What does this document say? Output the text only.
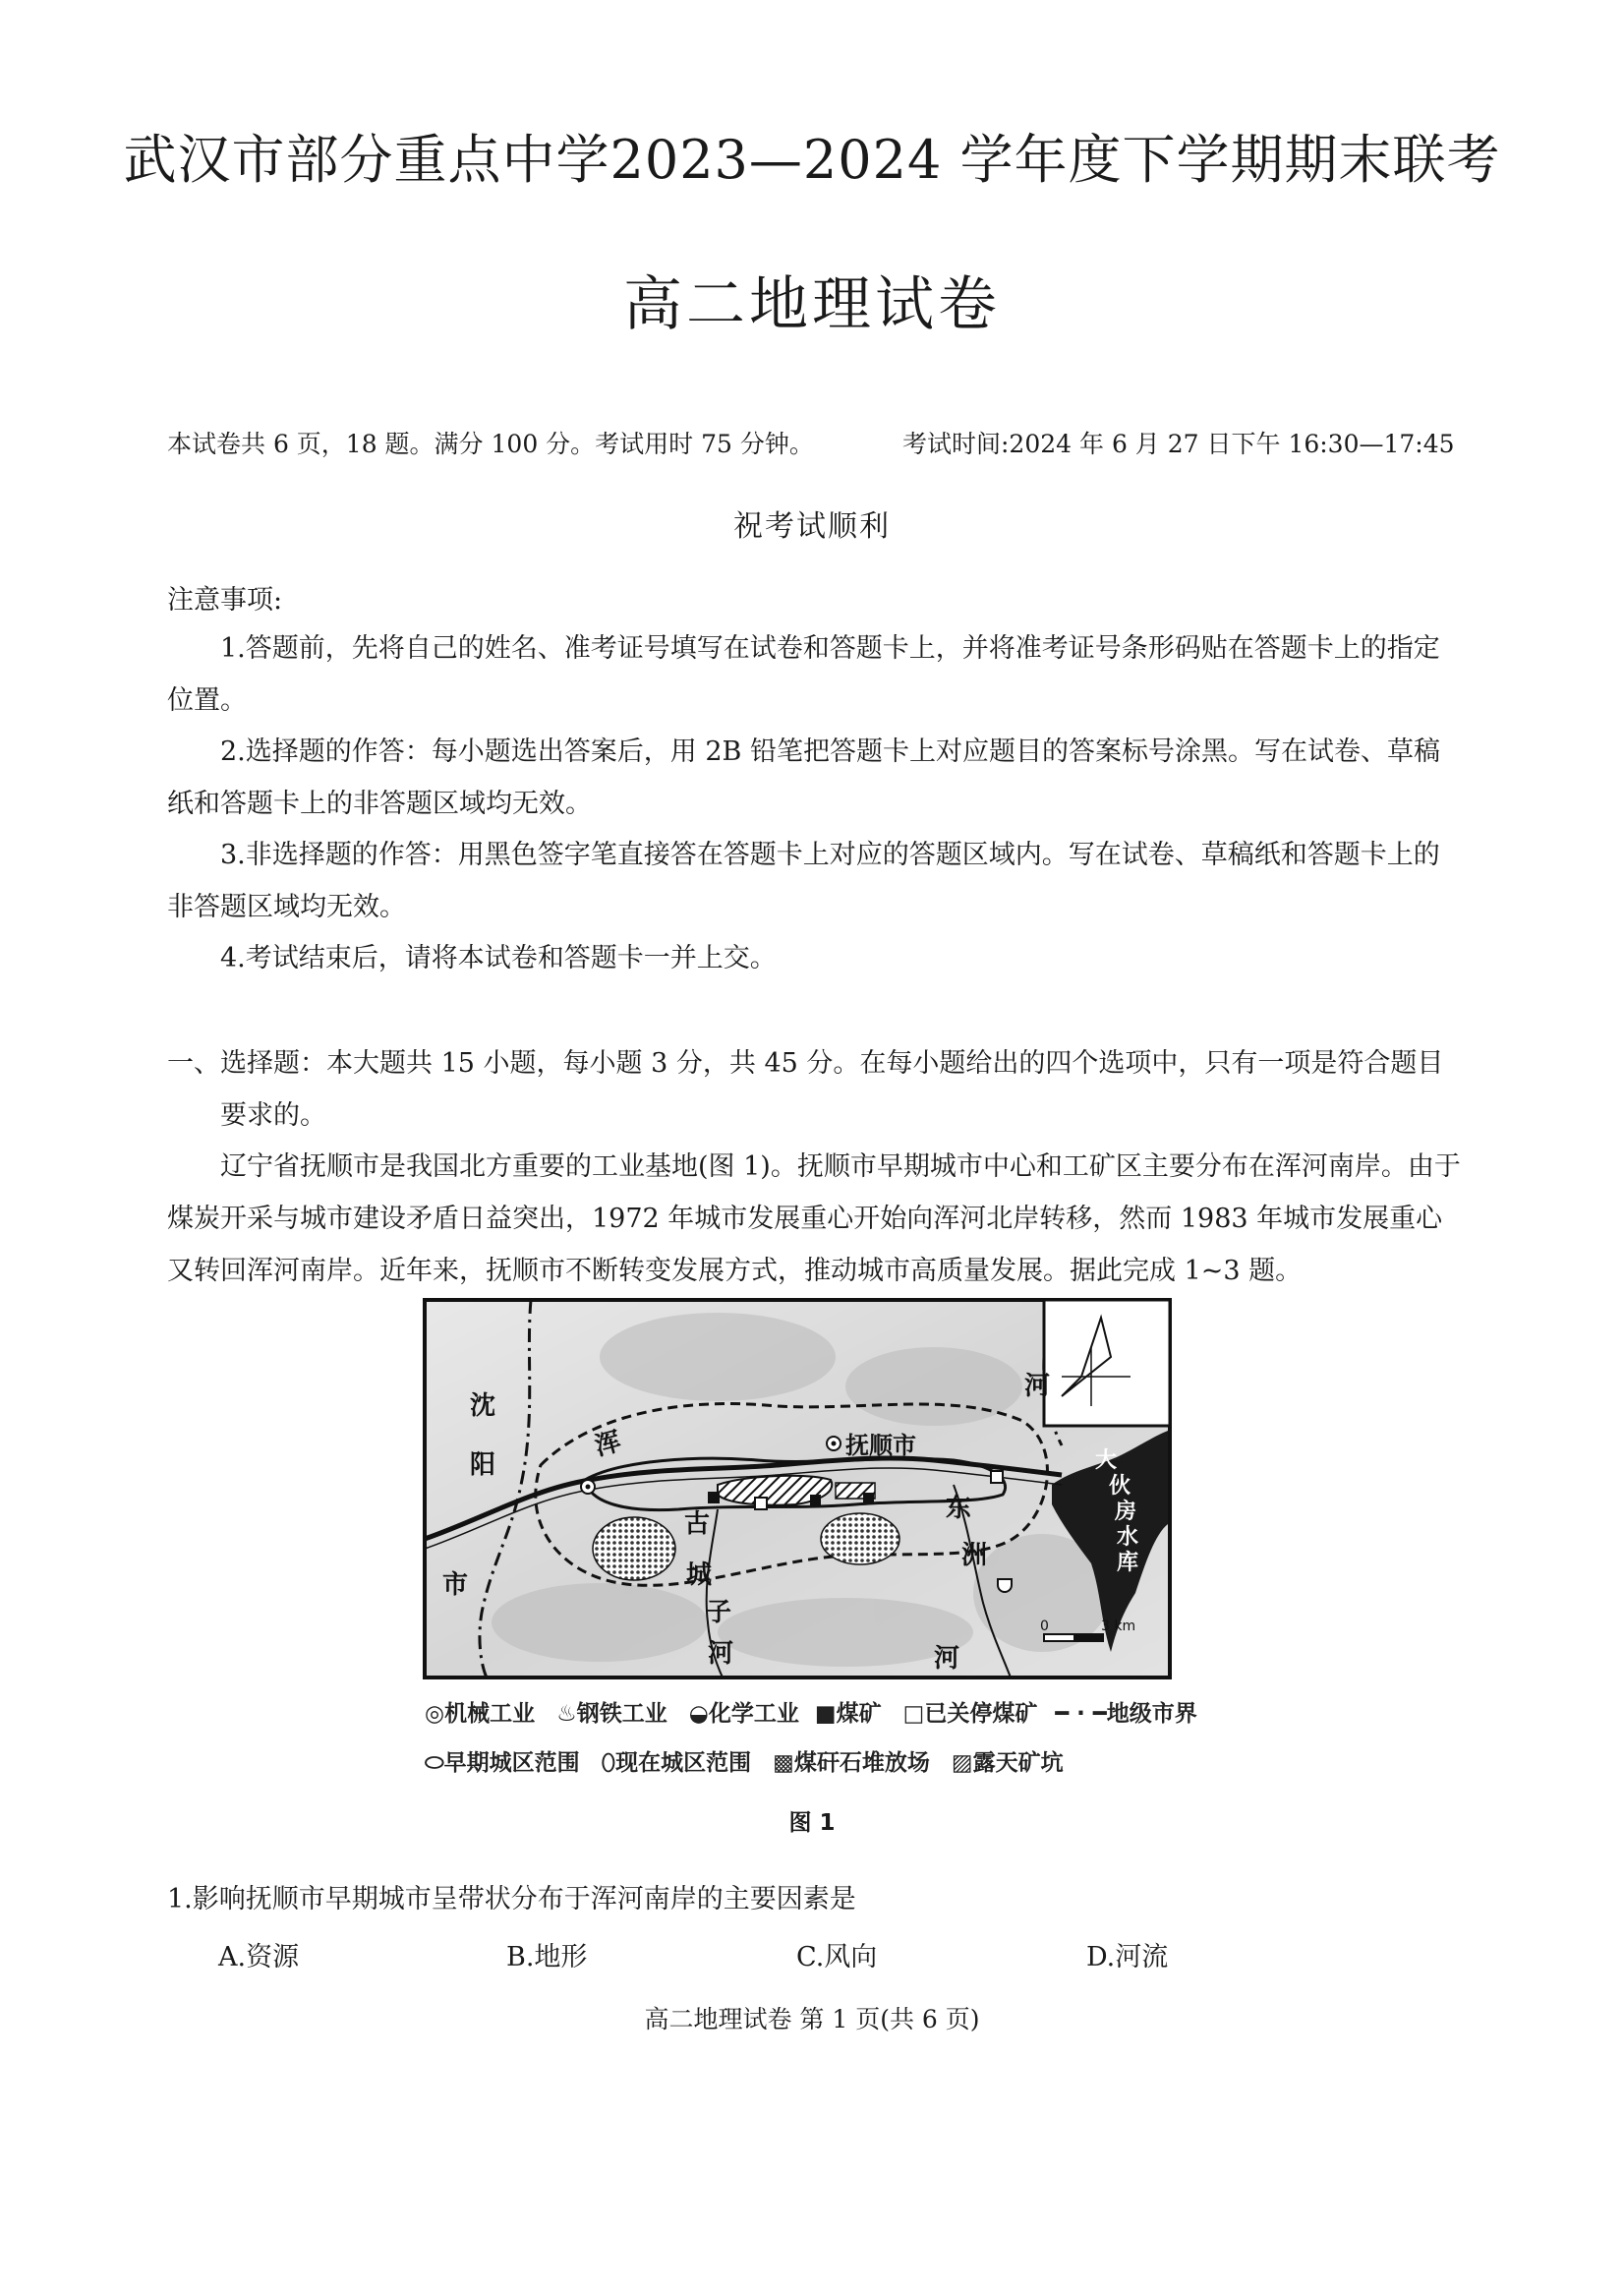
武汉市部分重点中学2023—2024 学年度下学期期末联考
高二地理试卷
本试卷共 6 页，18 题。满分 100 分。考试用时 75 分钟。	考试时间:2024 年 6 月 27 日下午 16:30—17:45
祝考试顺利
注意事项:
1.答题前，先将自己的姓名、准考证号填写在试卷和答题卡上，并将准考证号条形码贴在答题卡上的指定位置。
2.选择题的作答：每小题选出答案后，用 2B 铅笔把答题卡上对应题目的答案标号涂黑。写在试卷、草稿纸和答题卡上的非答题区域均无效。
3.非选择题的作答：用黑色签字笔直接答在答题卡上对应的答题区域内。写在试卷、草稿纸和答题卡上的非答题区域均无效。
4.考试结束后，请将本试卷和答题卡一并上交。
一、选择题：本大题共 15 小题，每小题 3 分，共 45 分。在每小题给出的四个选项中，只有一项是符合题目要求的。
辽宁省抚顺市是我国北方重要的工业基地(图 1)。抚顺市早期城市中心和工矿区主要分布在浑河南岸。由于煤炭开采与城市建设矛盾日益突出，1972 年城市发展重心开始向浑河北岸转移，然而 1983 年城市发展重心又转回浑河南岸。近年来，抚顺市不断转变发展方式，推动城市高质量发展。据此完成 1~3 题。
沈
阳
市
浑
河
抚顺市
东
洲
河
古
城
子
河
大
伙
房
水
库
0	3 km
◎机械工业 ♨钢铁工业 ◒化学工业 ■煤矿 □已关停煤矿 ━ · ━地级市界
⬭早期城区范围 ⬯现在城区范围 ▩煤矸石堆放场 ▨露天矿坑
图 1
1.影响抚顺市早期城市呈带状分布于浑河南岸的主要因素是
A.资源	B.地形	C.风向	D.河流
高二地理试卷 第 1 页(共 6 页)
